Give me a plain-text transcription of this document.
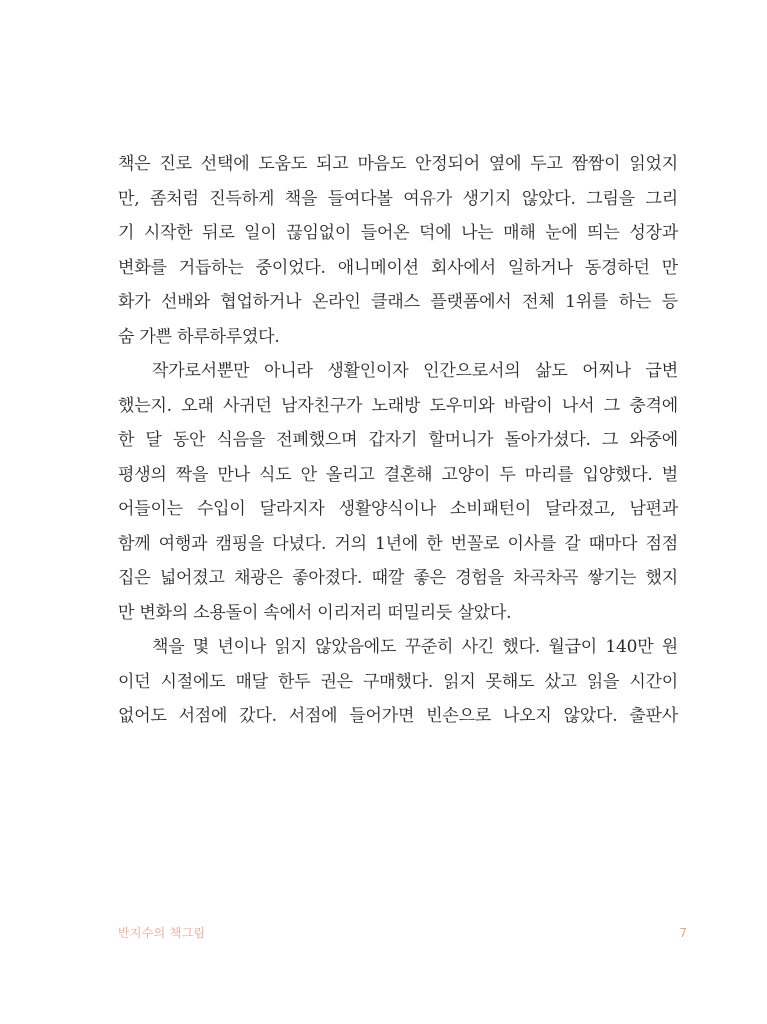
책은 진로 선택에 도움도 되고 마음도 안정되어 옆에 두고 짬짬이 읽었지
만, 좀처럼 진득하게 책을 들여다볼 여유가 생기지 않았다. 그림을 그리
기 시작한 뒤로 일이 끊임없이 들어온 덕에 나는 매해 눈에 띄는 성장과
변화를 거듭하는 중이었다. 애니메이션 회사에서 일하거나 동경하던 만
화가 선배와 협업하거나 온라인 클래스 플랫폼에서 전체 1위를 하는 등
숨 가쁜 하루하루였다.
작가로서뿐만 아니라 생활인이자 인간으로서의 삶도 어찌나 급변
했는지. 오래 사귀던 남자친구가 노래방 도우미와 바람이 나서 그 충격에
한 달 동안 식음을 전폐했으며 갑자기 할머니가 돌아가셨다. 그 와중에
평생의 짝을 만나 식도 안 올리고 결혼해 고양이 두 마리를 입양했다. 벌
어들이는 수입이 달라지자 생활양식이나 소비패턴이 달라졌고, 남편과
함께 여행과 캠핑을 다녔다. 거의 1년에 한 번꼴로 이사를 갈 때마다 점점
집은 넓어졌고 채광은 좋아졌다. 때깔 좋은 경험을 차곡차곡 쌓기는 했지
만 변화의 소용돌이 속에서 이리저리 떠밀리듯 살았다.
책을 몇 년이나 읽지 않았음에도 꾸준히 사긴 했다. 월급이 140만 원
이던 시절에도 매달 한두 권은 구매했다. 읽지 못해도 샀고 읽을 시간이
없어도 서점에 갔다. 서점에 들어가면 빈손으로 나오지 않았다. 출판사
반지수의 책그림	7
